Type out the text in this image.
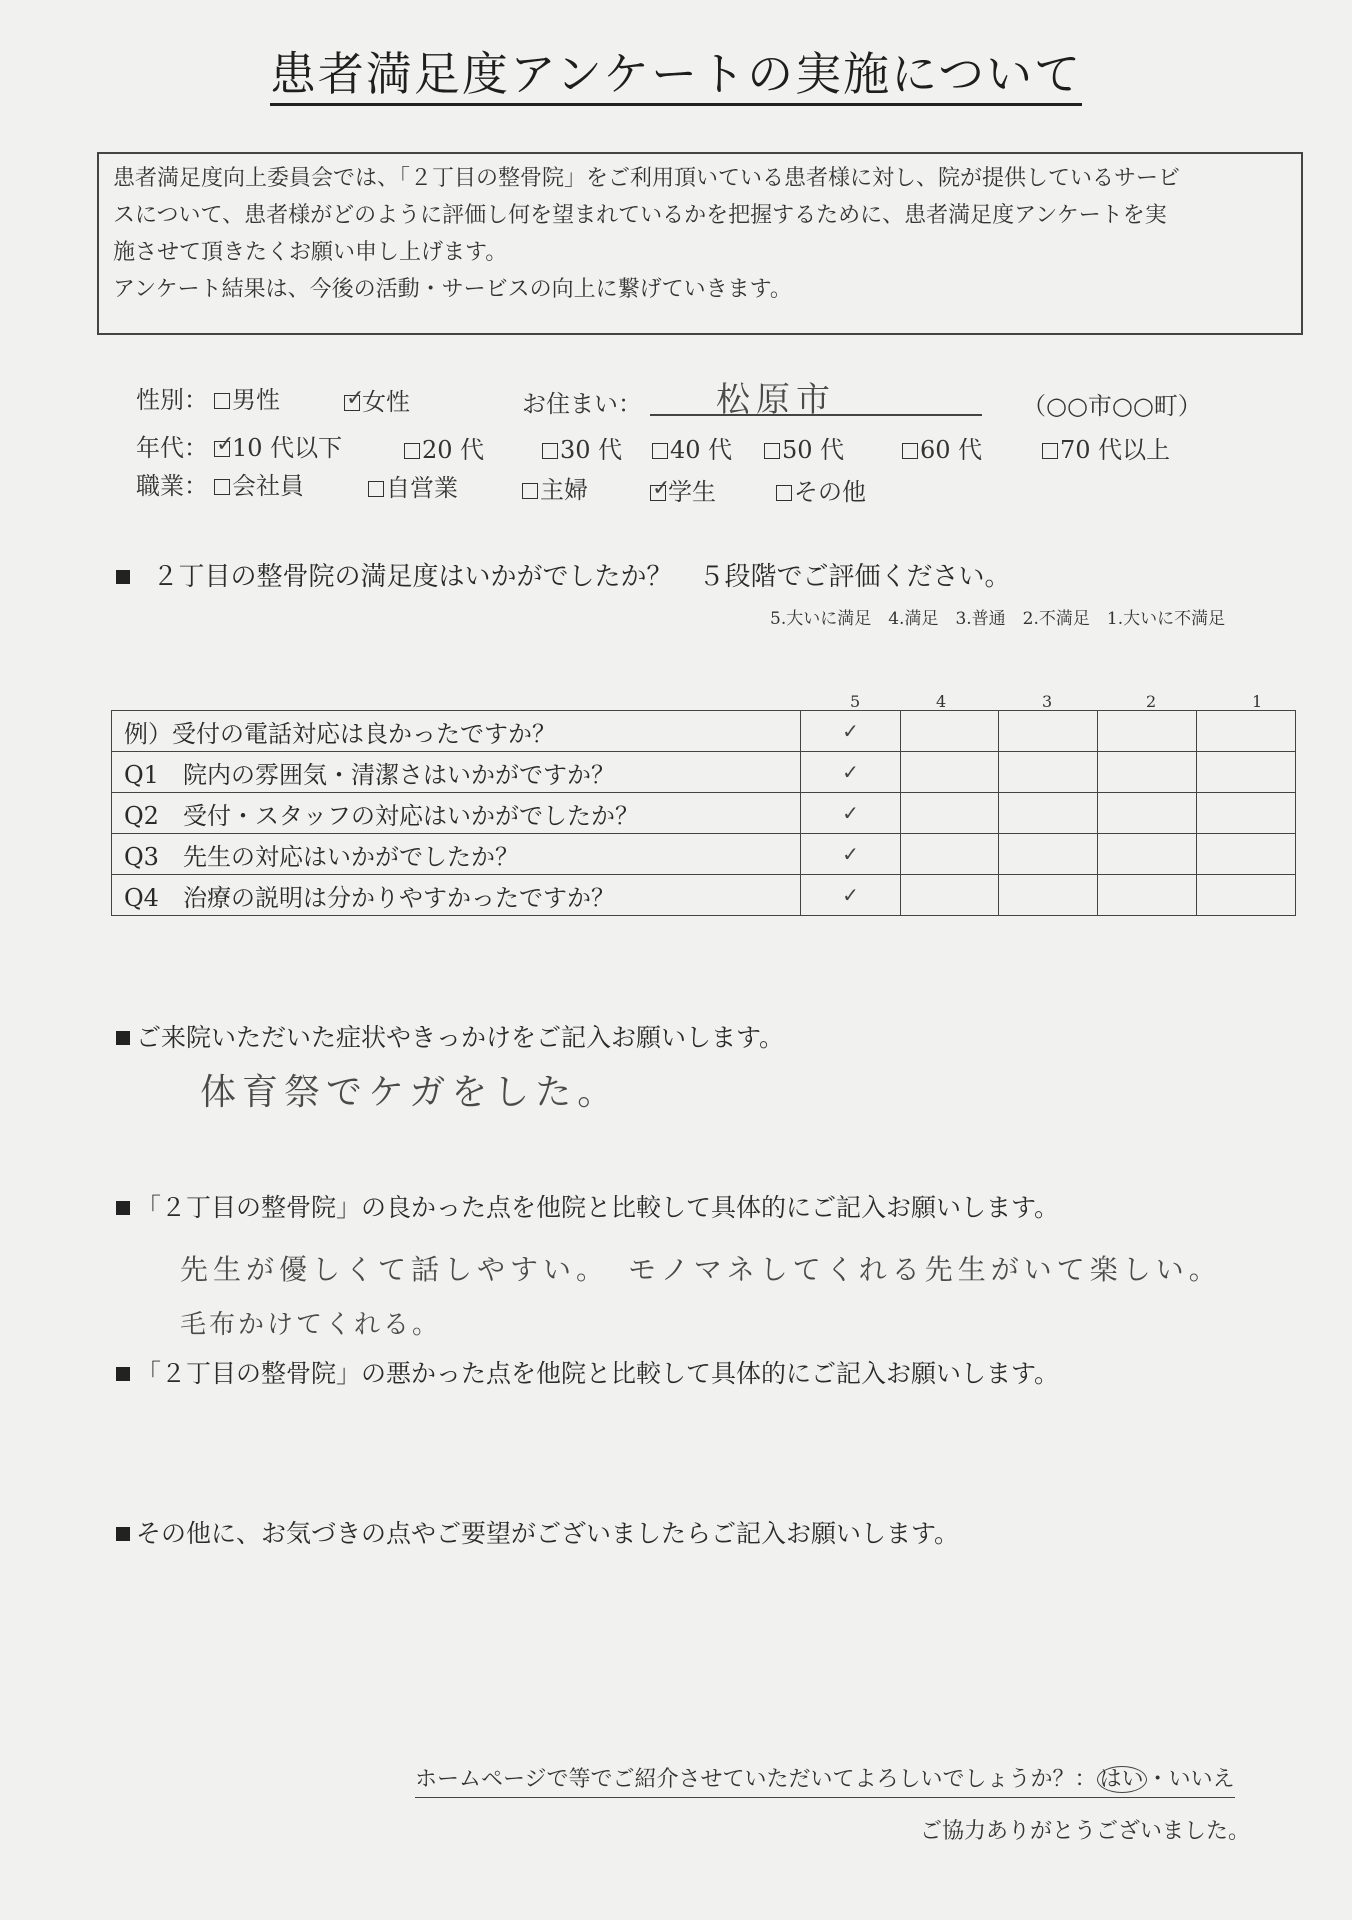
患者満足度アンケートの実施について

患者満足度向上委員会では、「２丁目の整骨院」をご利用頂いている患者様に対し、院が提供しているサービ

スについて、患者様がどのように評価し何を望まれているかを把握するために、患者満足度アンケートを実

施させて頂きたくお願い申し上げます。

アンケート結果は、今後の活動・サービスの向上に繋げていきます。

性別：	男性 ✓	女性	お住まい： 松原市	（○○市○○町）
年代： ✓	10 代以下	20 代	30 代	40 代	50 代	60 代	70 代以上
職業：	会社員	自営業	主婦 ✓	学生	その他
２丁目の整骨院の満足度はいかがでしたか？　５段階でご評価ください。
5.大いに満足　4.満足　3.普通　2.不満足　1.大いに不満足
5	4	3	2	1
例）受付の電話対応は良かったですか？	✓				
Q1　院内の雰囲気・清潔さはいかがですか？	✓				
Q2　受付・スタッフの対応はいかがでしたか？	✓				
Q3　先生の対応はいかがでしたか？	✓				
Q4　治療の説明は分かりやすかったですか？	✓				
ご来院いただいた症状やきっかけをご記入お願いします。
体育祭でケガをした。
「２丁目の整骨院」の良かった点を他院と比較して具体的にご記入お願いします。
先生が優しくて話しやすい。　モノマネしてくれる先生がいて楽しい。
毛布かけてくれる。
「２丁目の整骨院」の悪かった点を他院と比較して具体的にご記入お願いします。
その他に、お気づきの点やご要望がございましたらご記入お願いします。
ホームページで等でご紹介させていただいてよろしいでしょうか？： はい ・いいえ
ご協力ありがとうございました。
